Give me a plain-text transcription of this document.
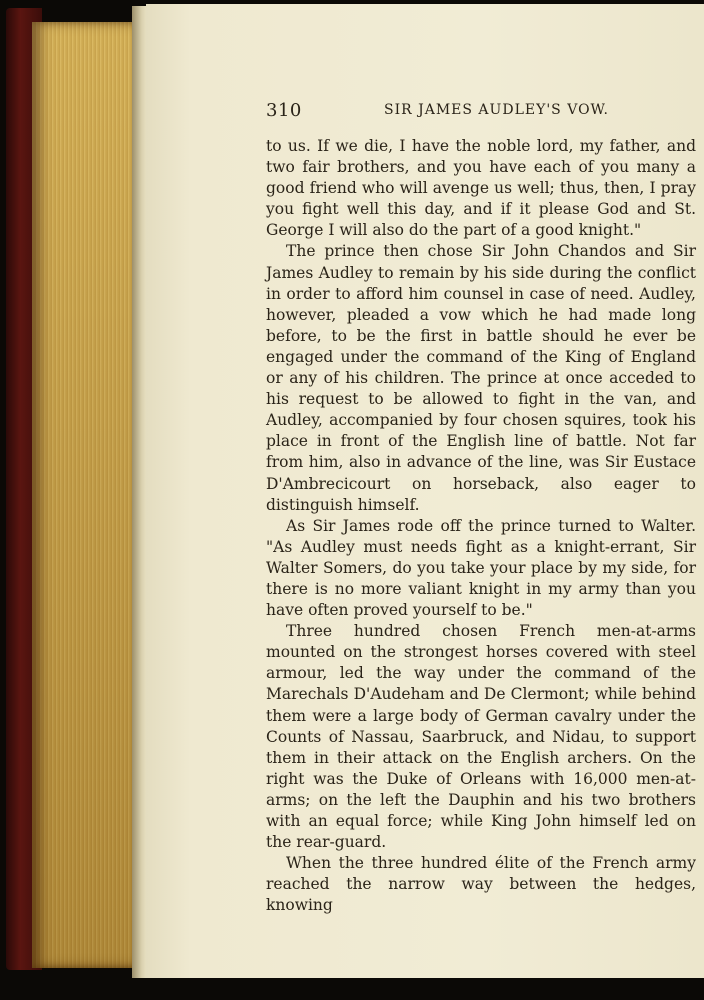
310	SIR JAMES AUDLEY'S VOW.

to us. If we die, I have the noble lord, my father, and two fair brothers, and you have each of you many a good friend who will avenge us well; thus, then, I pray you fight well this day, and if it please God and St. George I will also do the part of a good knight."

The prince then chose Sir John Chandos and Sir James Audley to remain by his side during the conflict in order to afford him counsel in case of need. Audley, however, pleaded a vow which he had made long before, to be the first in battle should he ever be engaged under the command of the King of England or any of his children. The prince at once acceded to his request to be allowed to fight in the van, and Audley, accompanied by four chosen squires, took his place in front of the English line of battle. Not far from him, also in advance of the line, was Sir Eustace D'Ambrecicourt on horseback, also eager to distinguish himself.

As Sir James rode off the prince turned to Walter. "As Audley must needs fight as a knight-errant, Sir Walter Somers, do you take your place by my side, for there is no more valiant knight in my army than you have often proved yourself to be."

Three hundred chosen French men-at-arms mounted on the strongest horses covered with steel armour, led the way under the command of the Marechals D'Audeham and De Clermont; while behind them were a large body of German cavalry under the Counts of Nassau, Saarbruck, and Nidau, to support them in their attack on the English archers. On the right was the Duke of Orleans with 16,000 men-at-arms; on the left the Dauphin and his two brothers with an equal force; while King John himself led on the rear-guard.

When the three hundred élite of the French army reached the narrow way between the hedges, knowing
